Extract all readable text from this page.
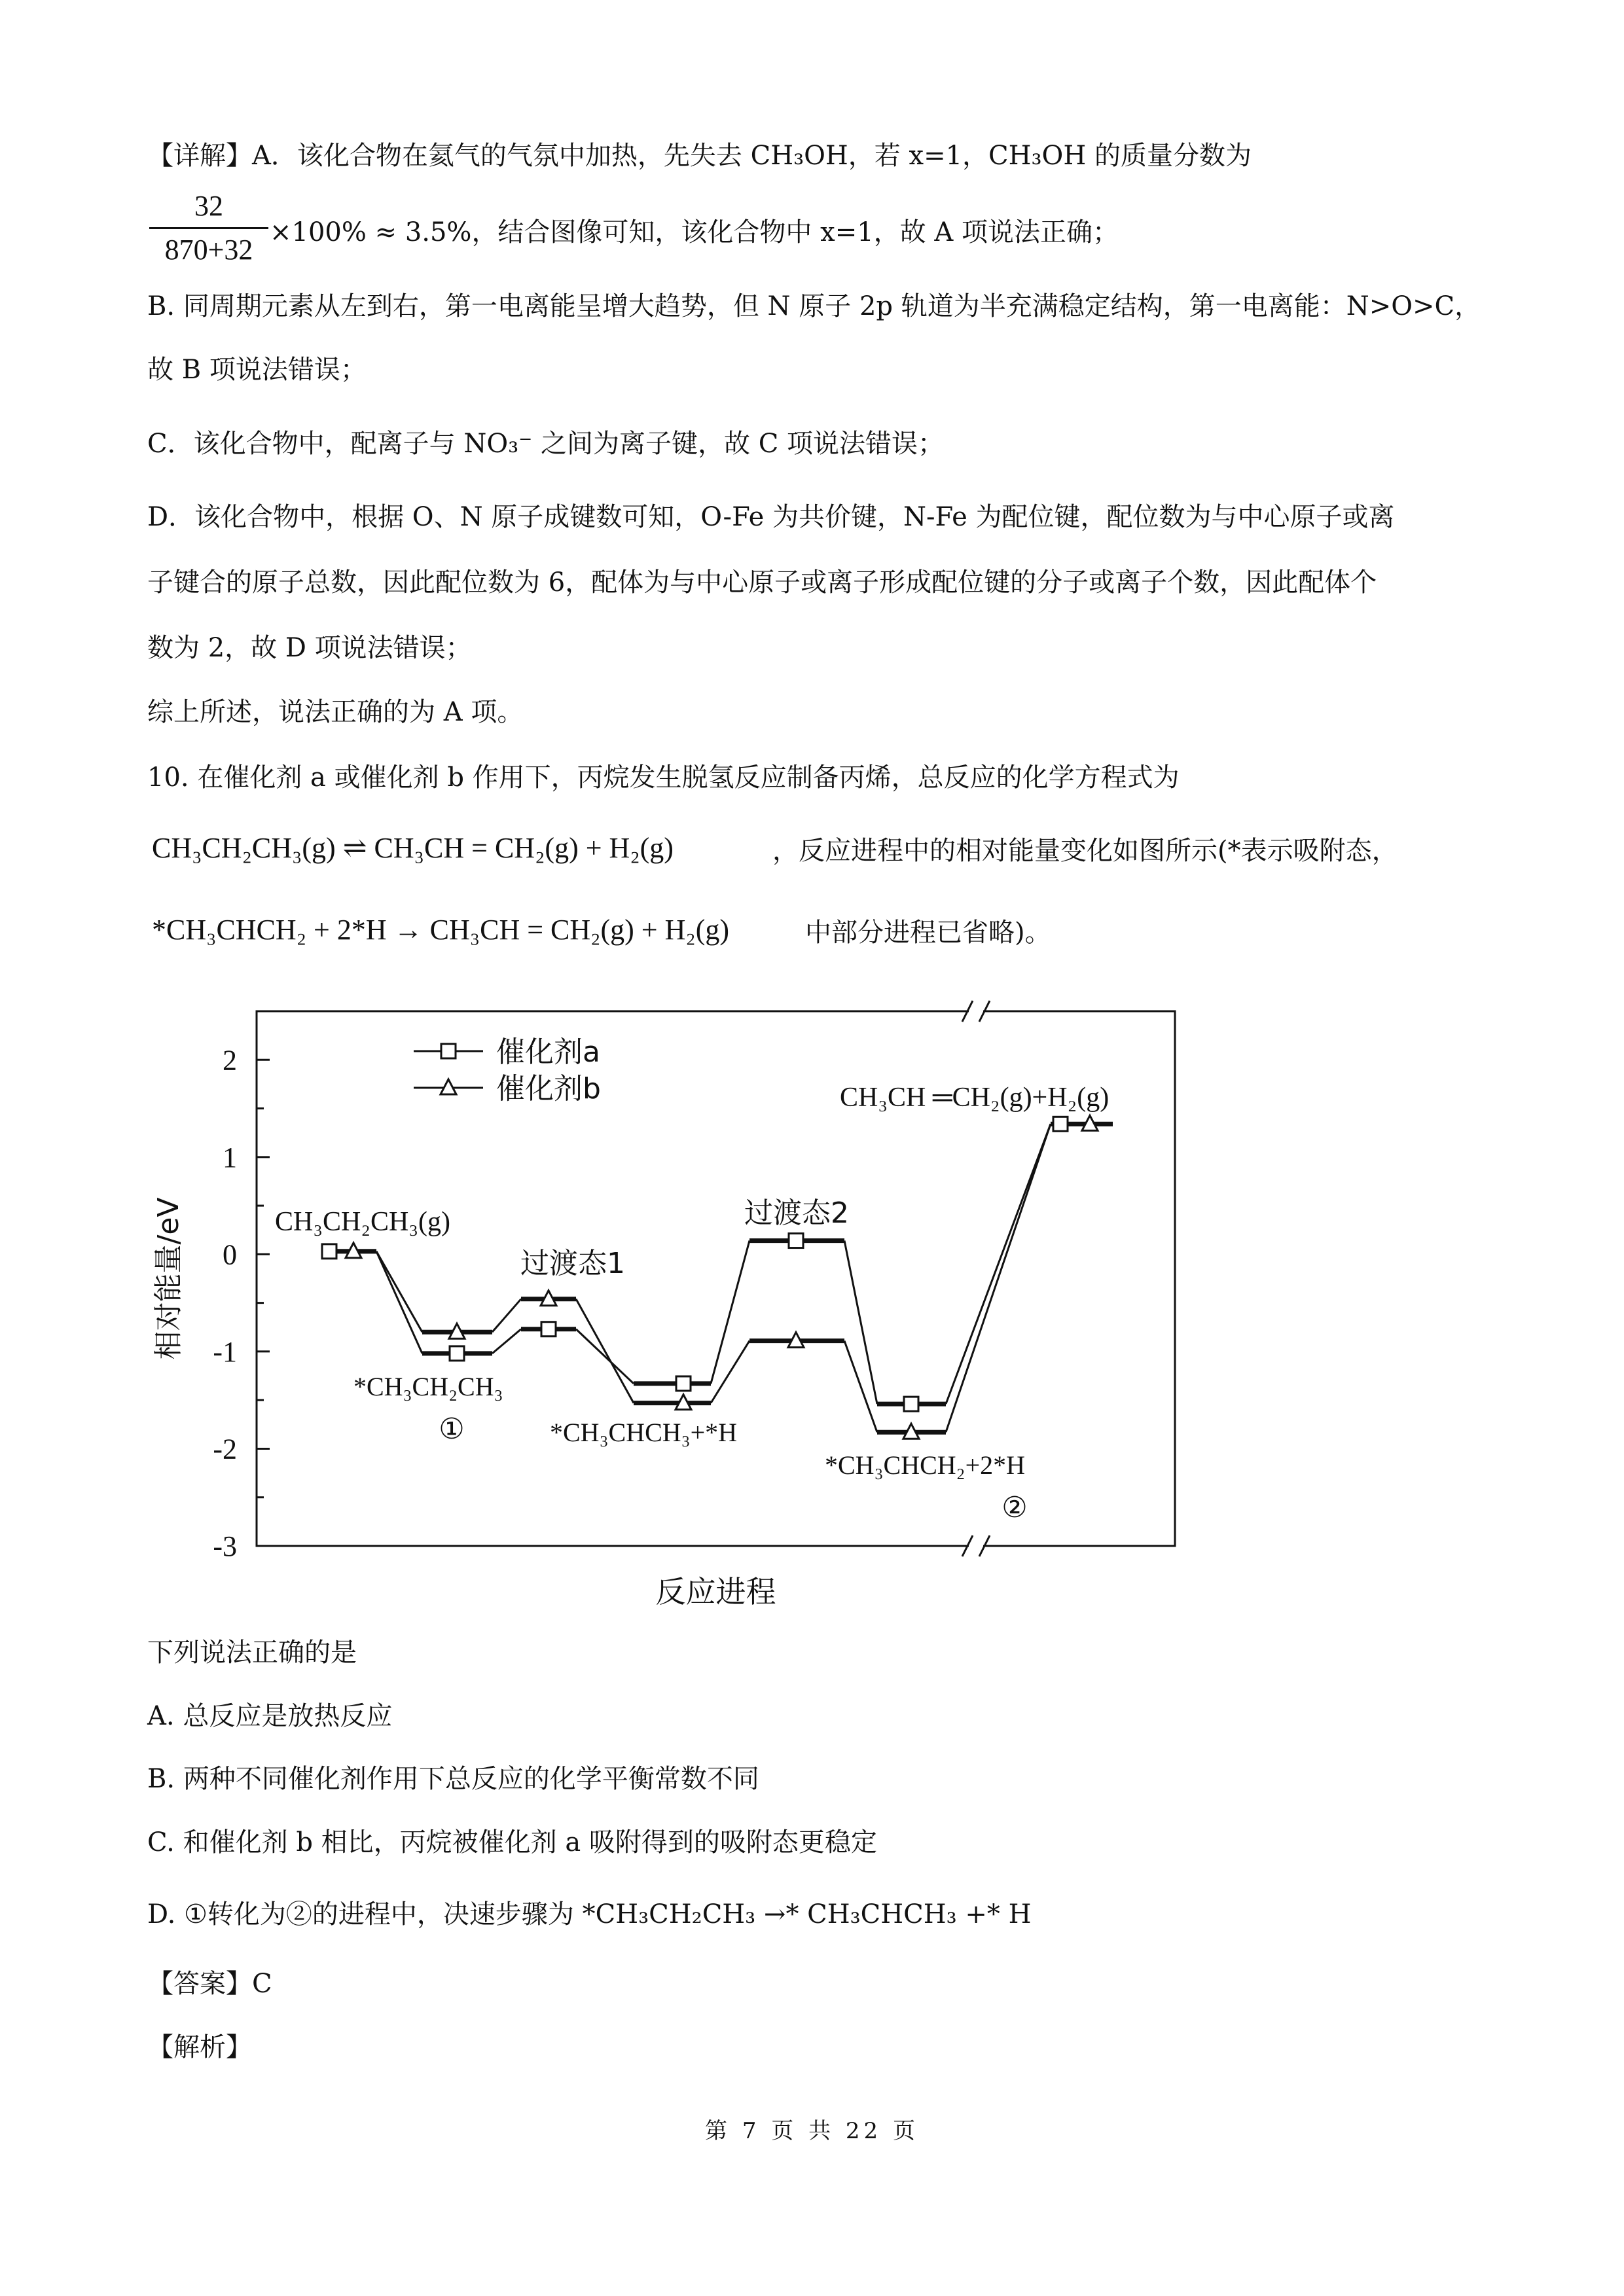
【详解】A．该化合物在氦气的气氛中加热，先失去 CH₃OH，若 x=1，CH₃OH 的质量分数为
$\frac{32}{870+32} \times 100\% \approx 3.5\%$，结合图像可知，该化合物中 x=1，故 A 项说法正确；
B. 同周期元素从左到右，第一电离能呈增大趋势，但 N 原子 2p 轨道为半充满稳定结构，第一电离能：N>O>C，
故 B 项说法错误；
C．该化合物中，配离子与 NO₃⁻ 之间为离子键，故 C 项说法错误；
D．该化合物中，根据 O、N 原子成键数可知，O-Fe 为共价键，N-Fe 为配位键，配位数为与中心原子或离
子键合的原子总数，因此配位数为 6，配体为与中心原子或离子形成配位键的分子或离子个数，因此配体个
数为 2，故 D 项说法错误；
综上所述，说法正确的为 A 项。
10. 在催化剂 a 或催化剂 b 作用下，丙烷发生脱氢反应制备丙烯，总反应的化学方程式为
CH₃CH₂CH₃(g) ⇌ CH₃CH = CH₂(g) + H₂(g)	，反应进程中的相对能量变化如图所示(*表示吸附态，
*CH₃CHCH₂ + 2*H → CH₃CH = CH₂(g) + H₂(g)	中部分进程已省略)。
2
1
0
-1
-2
-3
相对能量/eV
反应进程
催化剂a
催化剂b
CH₃CH₂CH₃(g)
*CH₃CH₂CH₃
①
过渡态1
*CH₃CHCH₃+*H
过渡态2
*CH₃CHCH₂+2*H
②
CH₃CH ═CH₂(g)+H₂(g)
下列说法正确的是
A. 总反应是放热反应
B. 两种不同催化剂作用下总反应的化学平衡常数不同
C. 和催化剂 b 相比，丙烷被催化剂 a 吸附得到的吸附态更稳定
D. ①转化为②的进程中，决速步骤为 *CH₃CH₂CH₃ →* CH₃CHCH₃ +* H
【答案】C
【解析】
第 7 页 共 22 页
